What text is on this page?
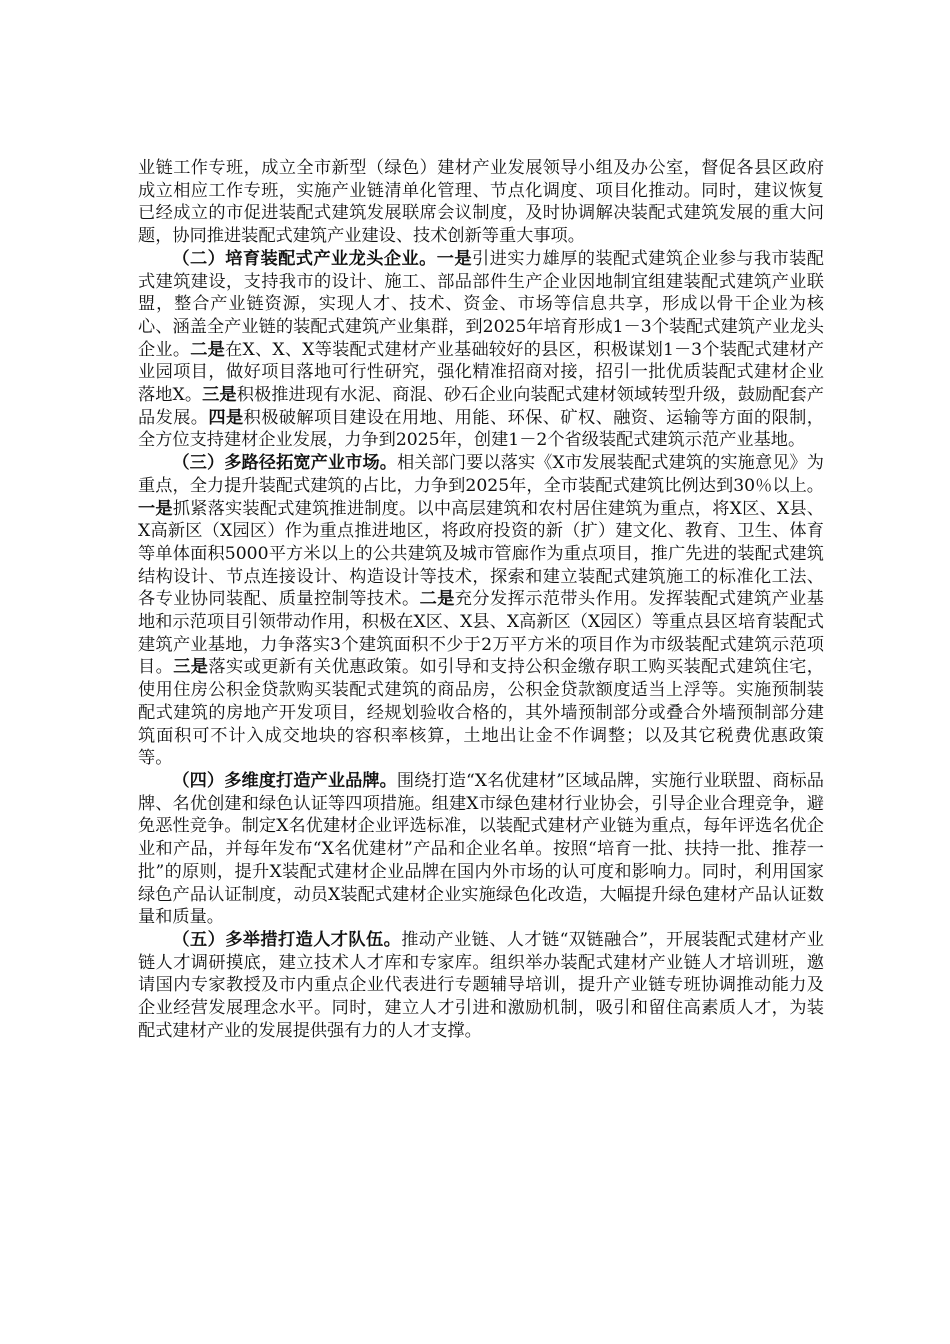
业链工作专班，成立全市新型（绿色）建材产业发展领导小组及办公室，督促各县区政府成立相应工作专班，实施产业链清单化管理、节点化调度、项目化推动。同时，建议恢复已经成立的市促进装配式建筑发展联席会议制度，及时协调解决装配式建筑发展的重大问题，协同推进装配式建筑产业建设、技术创新等重大事项。

（二）培育装配式产业龙头企业。一是引进实力雄厚的装配式建筑企业参与我市装配式建筑建设，支持我市的设计、施工、部品部件生产企业因地制宜组建装配式建筑产业联盟，整合产业链资源，实现人才、技术、资金、市场等信息共享，形成以骨干企业为核心、涵盖全产业链的装配式建筑产业集群，到2025年培育形成1－3个装配式建筑产业龙头企业。二是在X、X、X等装配式建材产业基础较好的县区，积极谋划1－3个装配式建材产业园项目，做好项目落地可行性研究，强化精准招商对接，招引一批优质装配式建材企业落地X。三是积极推进现有水泥、商混、砂石企业向装配式建材领域转型升级，鼓励配套产品发展。四是积极破解项目建设在用地、用能、环保、矿权、融资、运输等方面的限制，全方位支持建材企业发展，力争到2025年，创建1－2个省级装配式建筑示范产业基地。

（三）多路径拓宽产业市场。相关部门要以落实《X市发展装配式建筑的实施意见》为重点，全力提升装配式建筑的占比，力争到2025年，全市装配式建筑比例达到30％以上。一是抓紧落实装配式建筑推进制度。以中高层建筑和农村居住建筑为重点，将X区、X县、X高新区（X园区）作为重点推进地区，将政府投资的新（扩）建文化、教育、卫生、体育等单体面积5000平方米以上的公共建筑及城市管廊作为重点项目，推广先进的装配式建筑结构设计、节点连接设计、构造设计等技术，探索和建立装配式建筑施工的标准化工法、各专业协同装配、质量控制等技术。二是充分发挥示范带头作用。发挥装配式建筑产业基地和示范项目引领带动作用，积极在X区、X县、X高新区（X园区）等重点县区培育装配式建筑产业基地，力争落实3个建筑面积不少于2万平方米的项目作为市级装配式建筑示范项目。三是落实或更新有关优惠政策。如引导和支持公积金缴存职工购买装配式建筑住宅，使用住房公积金贷款购买装配式建筑的商品房，公积金贷款额度适当上浮等。实施预制装配式建筑的房地产开发项目，经规划验收合格的，其外墙预制部分或叠合外墙预制部分建筑面积可不计入成交地块的容积率核算，土地出让金不作调整；以及其它税费优惠政策等。

（四）多维度打造产业品牌。围绕打造“X名优建材”区域品牌，实施行业联盟、商标品牌、名优创建和绿色认证等四项措施。组建X市绿色建材行业协会，引导企业合理竞争，避免恶性竞争。制定X名优建材企业评选标准，以装配式建材产业链为重点，每年评选名优企业和产品，并每年发布“X名优建材”产品和企业名单。按照“培育一批、扶持一批、推荐一批”的原则，提升X装配式建材企业品牌在国内外市场的认可度和影响力。同时，利用国家绿色产品认证制度，动员X装配式建材企业实施绿色化改造，大幅提升绿色建材产品认证数量和质量。

（五）多举措打造人才队伍。推动产业链、人才链“双链融合”，开展装配式建材产业链人才调研摸底，建立技术人才库和专家库。组织举办装配式建材产业链人才培训班，邀请国内专家教授及市内重点企业代表进行专题辅导培训，提升产业链专班协调推动能力及企业经营发展理念水平。同时，建立人才引进和激励机制，吸引和留住高素质人才，为装配式建材产业的发展提供强有力的人才支撑。
